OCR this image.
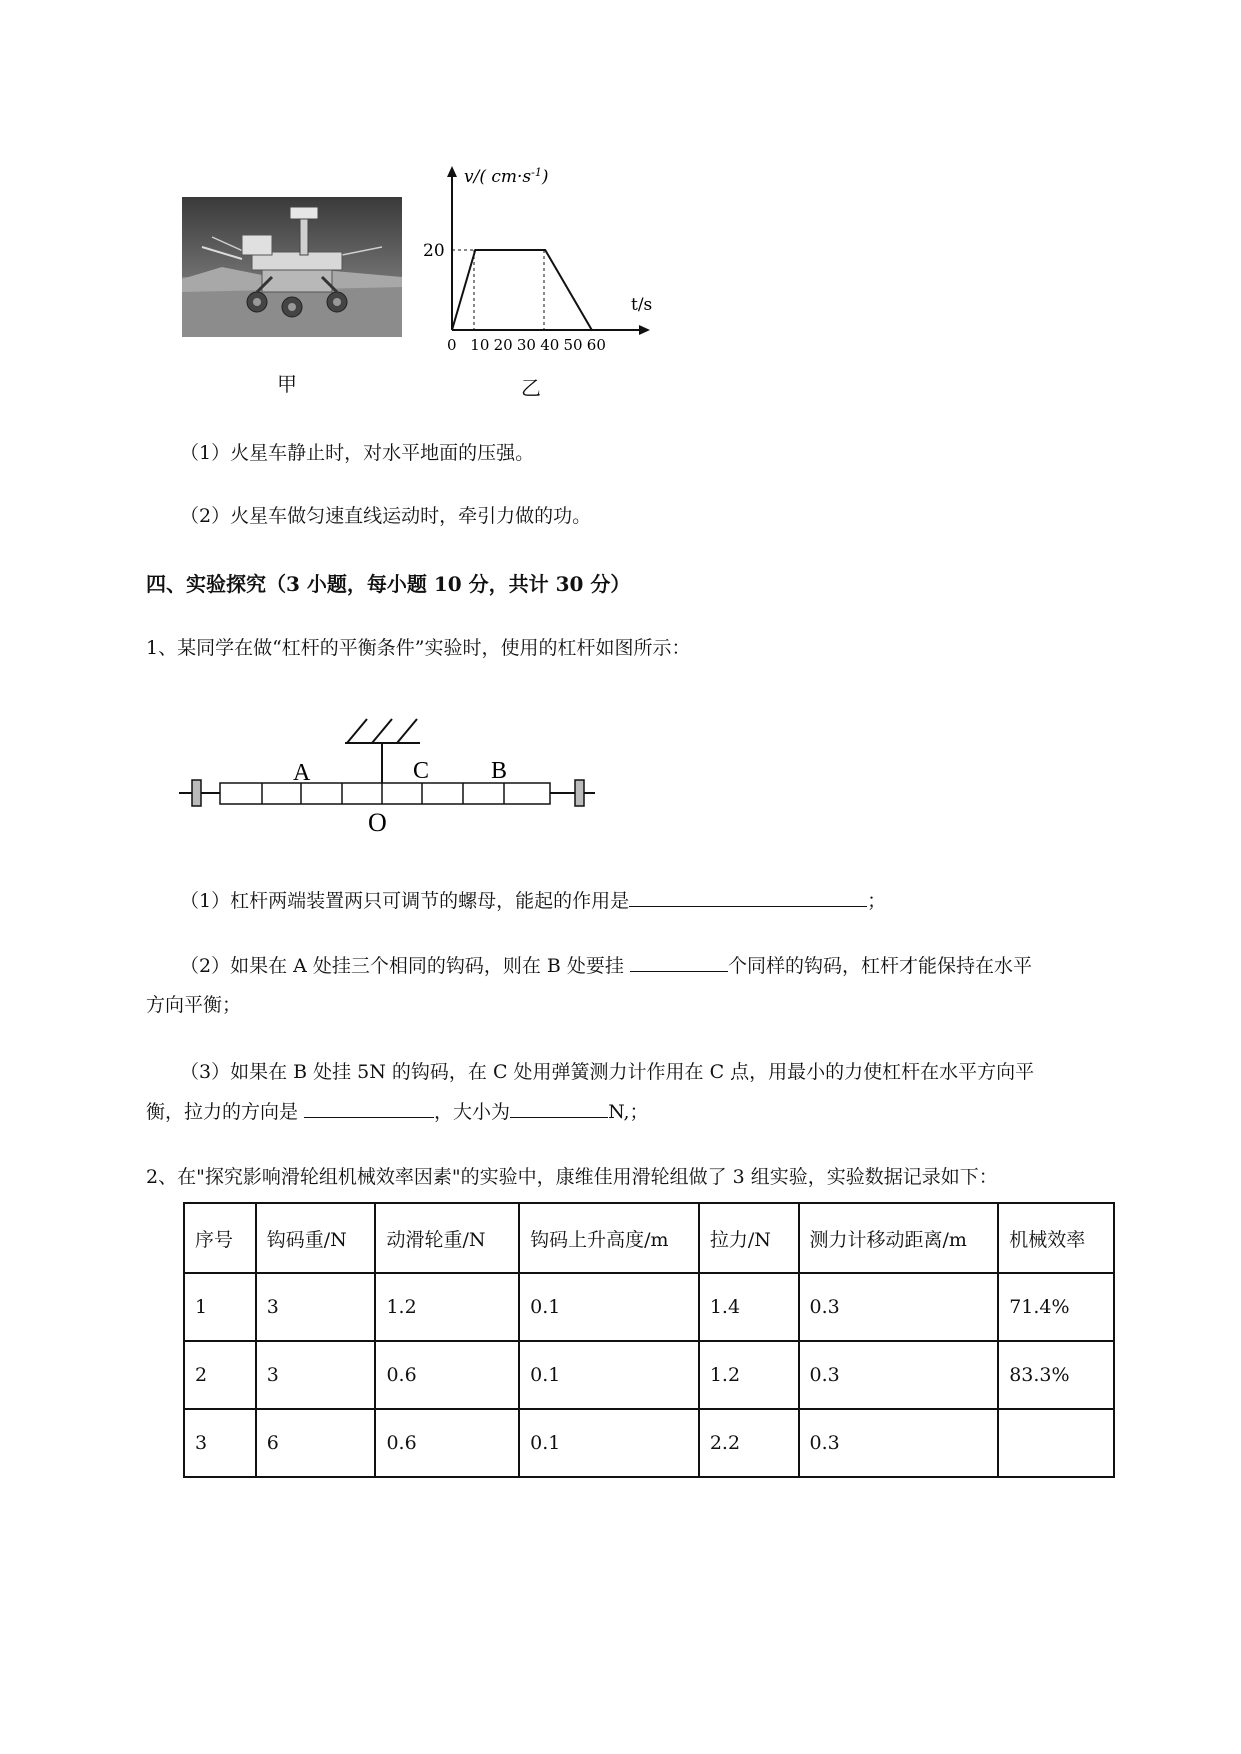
甲
v/( $cm\cdot s^{-1}$)
t/s
20
0 10 20 30 40 50 60
乙
（1）火星车静止时，对水平地面的压强。
（2）火星车做匀速直线运动时，牵引力做的功。
四、实验探究（3 小题，每小题 10 分，共计 30 分）
1、某同学在做“杠杆的平衡条件”实验时，使用的杠杆如图所示：
A	C	B
O
（1）杠杆两端装置两只可调节的螺母，能起的作用是	；
（2）如果在 A 处挂三个相同的钩码，则在 B 处要挂	个同样的钩码，杠杆才能保持在水平
方向平衡；
（3）如果在 B 处挂 5N 的钩码，在 C 处用弹簧测力计作用在 C 点，用最小的力使杠杆在水平方向平
衡，拉力的方向是	，大小为	N,；
2、在"探究影响滑轮组机械效率因素"的实验中，康维佳用滑轮组做了 3 组实验，实验数据记录如下：
序号	钩码重/N	动滑轮重/N	钩码上升高度/m	拉力/N	测力计移动距离/m	机械效率
1	3	1.2	0.1	1.4	0.3	71.4%
2	3	0.6	0.1	1.2	0.3	83.3%
3	6	0.6	0.1	2.2	0.3	
